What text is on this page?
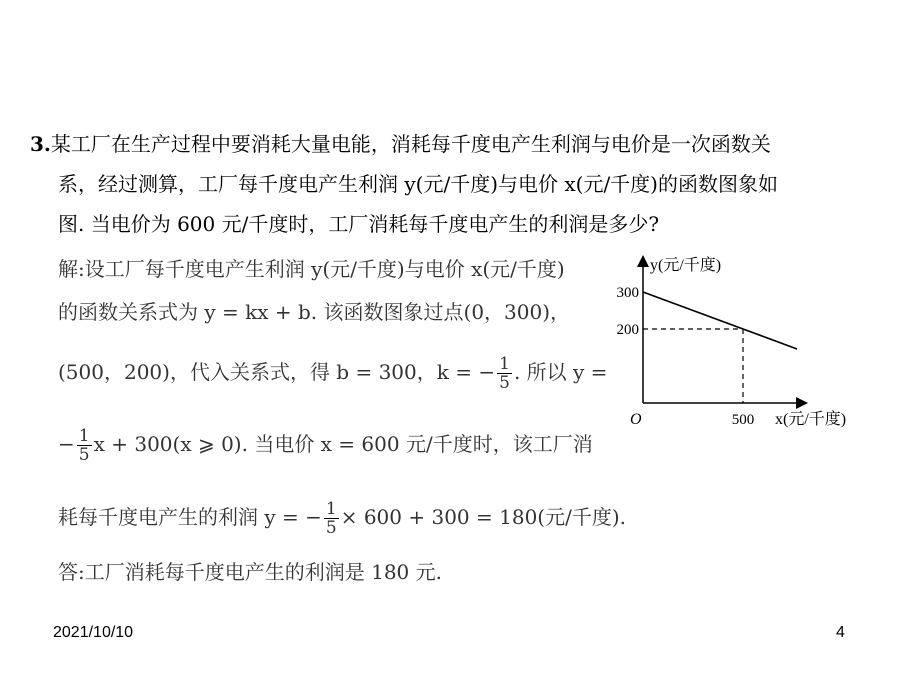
3.某工厂在生产过程中要消耗大量电能，消耗每千度电产生利润与电价是一次函数关
系，经过测算，工厂每千度电产生利润 y(元/千度)与电价 x(元/千度)的函数图象如
图. 当电价为 600 元/千度时，工厂消耗每千度电产生的利润是多少?
解:设工厂每千度电产生利润 y(元/千度)与电价 x(元/千度)
的函数关系式为 y = kx + b. 该函数图象过点(0，300)，
(500，200)，代入关系式，得 b = 300，k = − $\frac{1}{5}$ . 所以 y =
− $\frac{1}{5}$ x + 300(x ⩾ 0). 当电价 x = 600 元/千度时，该工厂消
耗每千度电产生的利润 y = − $\frac{1}{5} \times 600 + 300 = 180$(元/千度).
答:工厂消耗每千度电产生的利润是 180 元.
300
200
500
O
y(元/千度)
x(元/千度)
2021/10/10	4
